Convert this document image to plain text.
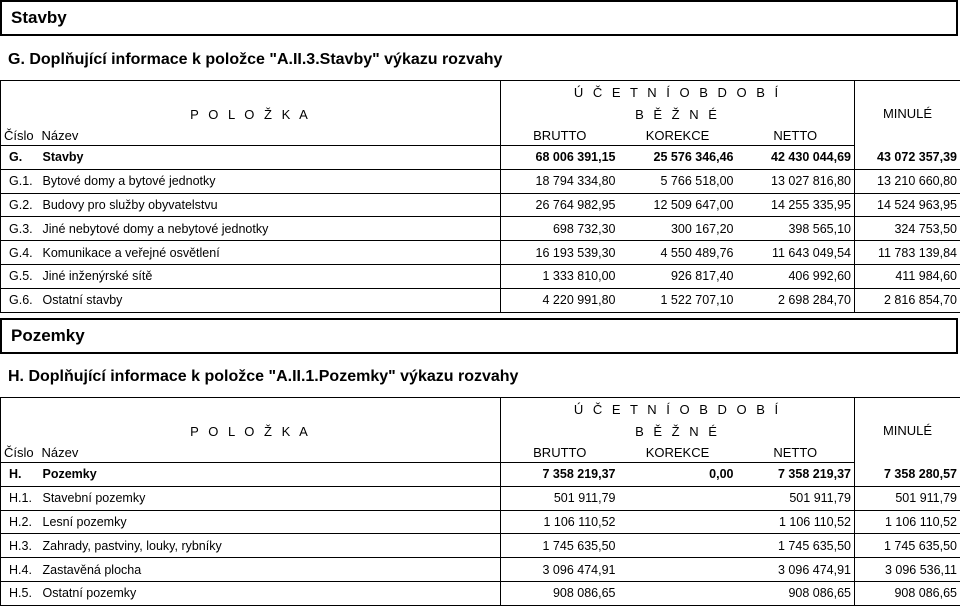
Stavby
G. Doplňující informace k položce "A.II.3.Stavby" výkazu rozvahy
		Ú Č E T N Í O B D O B Í			MINULÉ
P O L O Ž K A		B Ě Ž N É			
Číslo	Název	BRUTTO	KOREKCE	NETTO	
G.	Stavby	68 006 391,15	25 576 346,46	42 430 044,69	43 072 357,39
G.1.	Bytové domy a bytové jednotky	18 794 334,80	5 766 518,00	13 027 816,80	13 210 660,80
G.2.	Budovy pro služby obyvatelstvu	26 764 982,95	12 509 647,00	14 255 335,95	14 524 963,95
G.3.	Jiné nebytové domy a nebytové jednotky	698 732,30	300 167,20	398 565,10	324 753,50
G.4.	Komunikace a veřejné osvětlení	16 193 539,30	4 550 489,76	11 643 049,54	11 783 139,84
G.5.	Jiné inženýrské sítě	1 333 810,00	926 817,40	406 992,60	411 984,60
G.6.	Ostatní stavby	4 220 991,80	1 522 707,10	2 698 284,70	2 816 854,70
Pozemky
H. Doplňující informace k položce "A.II.1.Pozemky" výkazu rozvahy
		Ú Č E T N Í O B D O B Í			MINULÉ
P O L O Ž K A		B Ě Ž N É			
Číslo	Název	BRUTTO	KOREKCE	NETTO	
H.	Pozemky	7 358 219,37	0,00	7 358 219,37	7 358 280,57
H.1.	Stavební pozemky	501 911,79		501 911,79	501 911,79
H.2.	Lesní pozemky	1 106 110,52		1 106 110,52	1 106 110,52
H.3.	Zahrady, pastviny, louky, rybníky	1 745 635,50		1 745 635,50	1 745 635,50
H.4.	Zastavěná plocha	3 096 474,91		3 096 474,91	3 096 536,11
H.5.	Ostatní pozemky	908 086,65		908 086,65	908 086,65
